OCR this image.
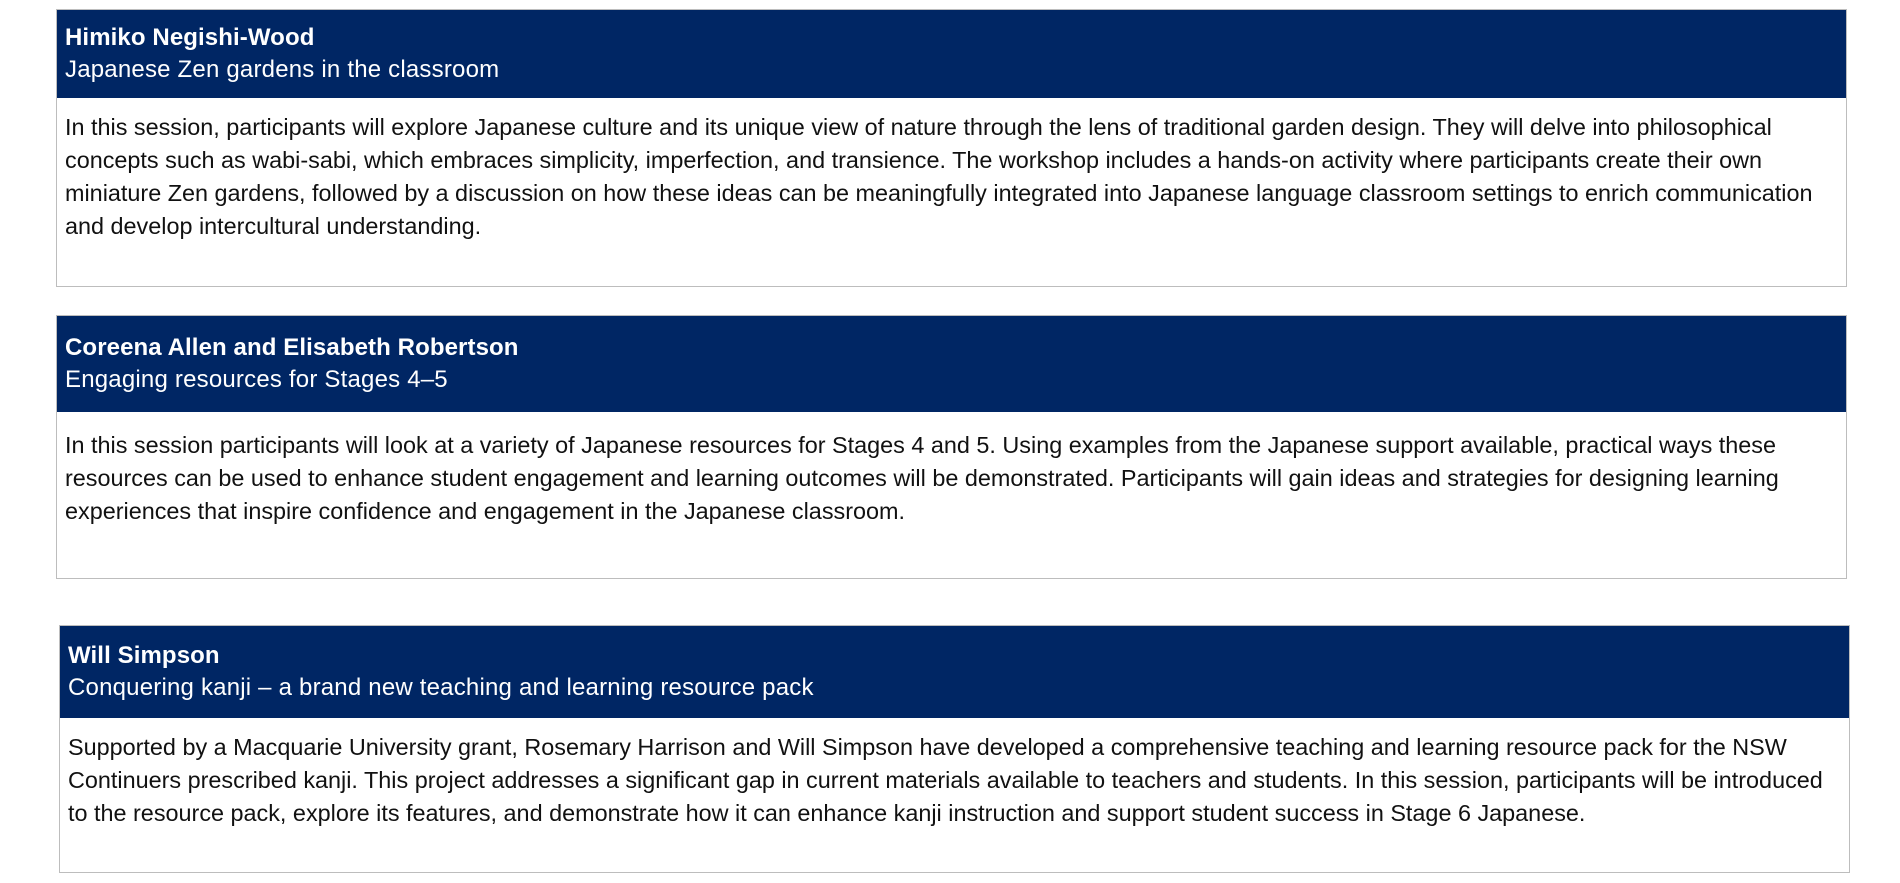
Himiko Negishi-Wood
Japanese Zen gardens in the classroom
In this session, participants will explore Japanese culture and its unique view of nature through the lens of traditional garden design. They will delve into philosophical concepts such as wabi-sabi, which embraces simplicity, imperfection, and transience. The workshop includes a hands-on activity where participants create their own miniature Zen gardens, followed by a discussion on how these ideas can be meaningfully integrated into Japanese language classroom settings to enrich communication and develop intercultural understanding.
Coreena Allen and Elisabeth Robertson
Engaging resources for Stages 4–5
In this session participants will look at a variety of Japanese resources for Stages 4 and 5. Using examples from the Japanese support available, practical ways these resources can be used to enhance student engagement and learning outcomes will be demonstrated. Participants will gain ideas and strategies for designing learning experiences that inspire confidence and engagement in the Japanese classroom.
Will Simpson
Conquering kanji – a brand new teaching and learning resource pack
Supported by a Macquarie University grant, Rosemary Harrison and Will Simpson have developed a comprehensive teaching and learning resource pack for the NSW Continuers prescribed kanji. This project addresses a significant gap in current materials available to teachers and students. In this session, participants will be introduced to the resource pack, explore its features, and demonstrate how it can enhance kanji instruction and support student success in Stage 6 Japanese.
